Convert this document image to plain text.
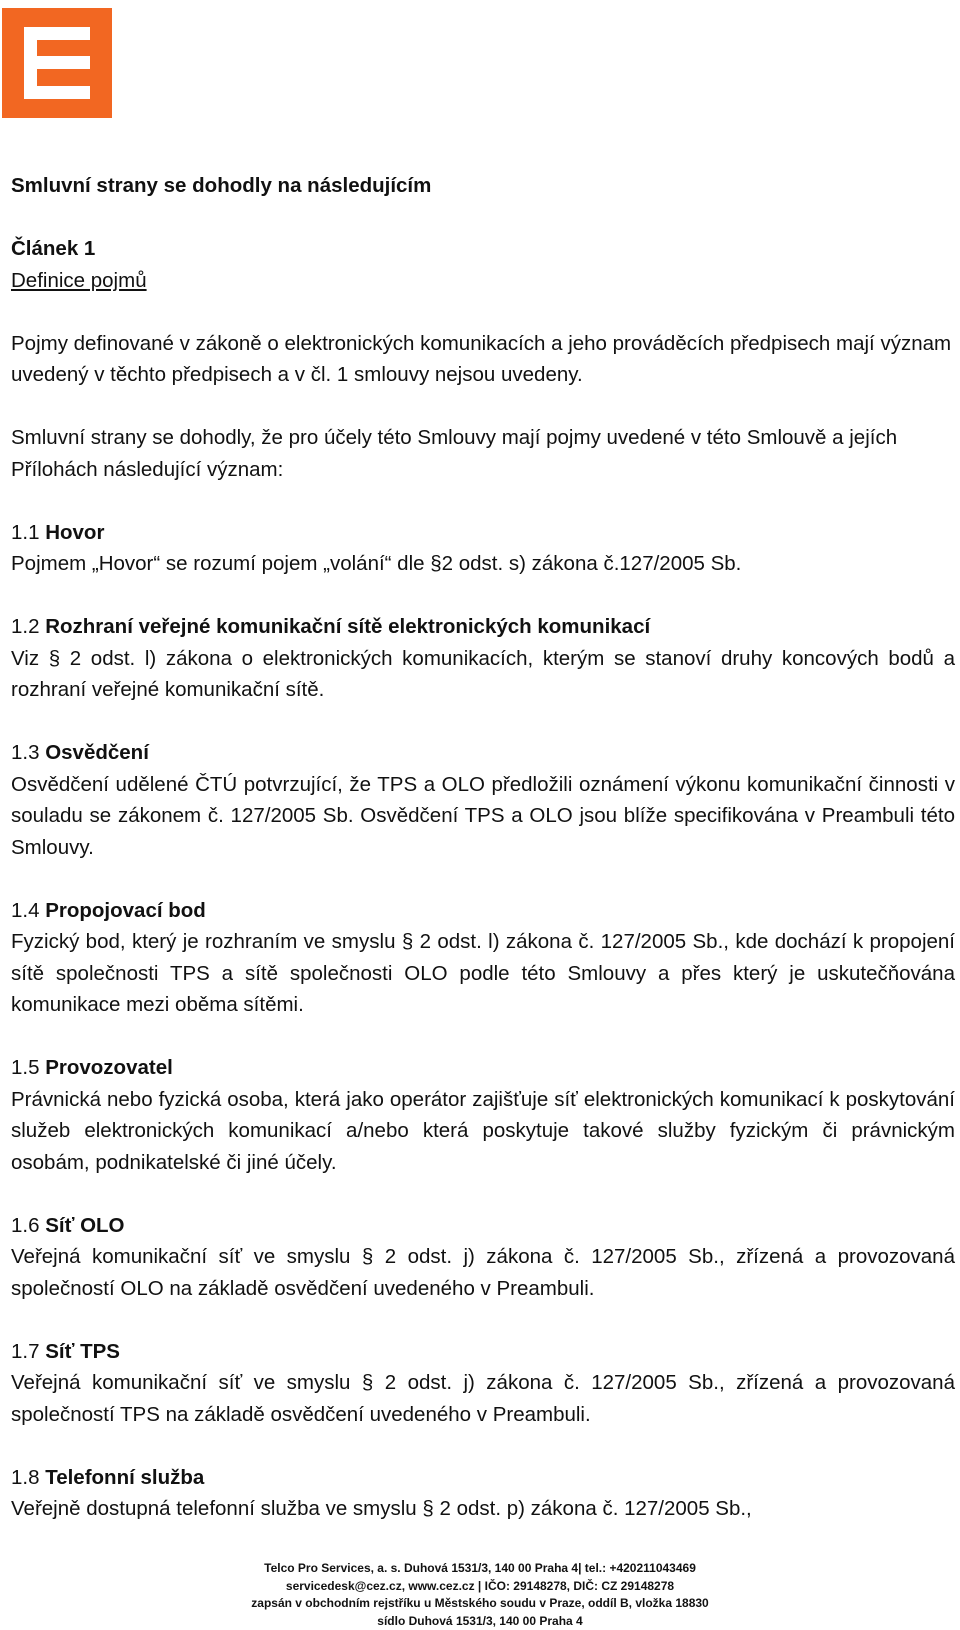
Smluvní strany se dohodly na následujícím

Článek 1

Definice pojmů

Pojmy definované v zákoně o elektronických komunikacích a jeho prováděcích předpisech mají význam uvedený v těchto předpisech a v čl. 1 smlouvy nejsou uvedeny.

Smluvní strany se dohodly, že pro účely této Smlouvy mají pojmy uvedené v této Smlouvě a jejích Přílohách následující význam:

1.1 Hovor

Pojmem „Hovor“ se rozumí pojem „volání“ dle §2 odst. s) zákona č.127/2005 Sb.

1.2 Rozhraní veřejné komunikační sítě elektronických komunikací

Viz § 2 odst. l) zákona o elektronických komunikacích, kterým se stanoví druhy koncových bodů a rozhraní veřejné komunikační sítě.

1.3 Osvědčení

Osvědčení udělené ČTÚ potvrzující, že TPS a OLO předložili oznámení výkonu komunikační činnosti v souladu se zákonem č. 127/2005 Sb. Osvědčení TPS a OLO jsou blíže specifikována v Preambuli této Smlouvy.

1.4 Propojovací bod

Fyzický bod, který je rozhraním ve smyslu § 2 odst. l) zákona č. 127/2005 Sb., kde dochází k propojení sítě společnosti TPS a sítě společnosti OLO podle této Smlouvy a přes který je uskutečňována komunikace mezi oběma sítěmi.

1.5 Provozovatel

Právnická nebo fyzická osoba, která jako operátor zajišťuje síť elektronických komunikací k poskytování služeb elektronických komunikací a/nebo která poskytuje takové služby fyzickým či právnickým osobám, podnikatelské či jiné účely.

1.6 Síť OLO

Veřejná komunikační síť ve smyslu § 2 odst. j) zákona č. 127/2005 Sb., zřízená a provozovaná společností OLO na základě osvědčení uvedeného v Preambuli.

1.7 Síť TPS

Veřejná komunikační síť ve smyslu § 2 odst. j) zákona č. 127/2005 Sb., zřízená a provozovaná společností TPS na základě osvědčení uvedeného v Preambuli.

1.8 Telefonní služba

Veřejně dostupná telefonní služba ve smyslu § 2 odst. p) zákona č. 127/2005 Sb.,

Telco Pro Services, a. s. Duhová 1531/3, 140 00 Praha 4| tel.: +420211043469

servicedesk@cez.cz, www.cez.cz | IČO: 29148278, DIČ: CZ 29148278

zapsán v obchodním rejstříku u Městského soudu v Praze, oddíl B, vložka 18830

sídlo Duhová 1531/3, 140 00 Praha 4
